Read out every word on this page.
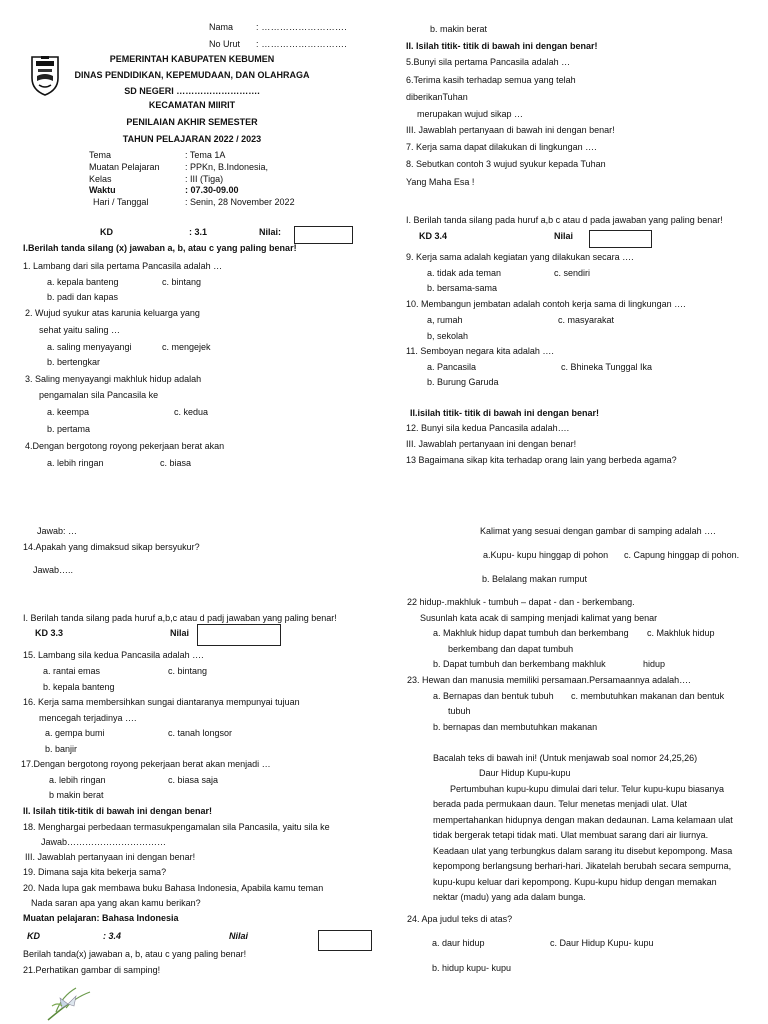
Nama	: ……………………….
No Urut : ……………………….
PEMERINTAH KABUPATEN KEBUMEN
DINAS PENDIDIKAN, KEPEMUDAAN, DAN OLAHRAGA
SD NEGERI ……………………….
KECAMATAN MIIRIT
PENILAIAN AKHIR SEMESTER
TAHUN PELAJARAN 2022 / 2023
Tema	: Tema 1A
Muatan Pelajaran	: PPKn, B.Indonesia,
Kelas	: III (Tiga)
Waktu	: 07.30-09.00
Hari / Tanggal	: Senin, 28 November 2022
KD	: 3.1	Nilai:
I.Berilah tanda silang (x) jawaban a, b, atau c yang paling benar!
1. Lambang dari sila pertama Pancasila adalah …
a. kepala banteng	c. bintang
b. padi dan kapas
2. Wujud syukur atas karunia keluarga yang
sehat yaitu saling …
a. saling menyayangi	c. mengejek
b. bertengkar
3. Saling menyayangi makhluk hidup adalah
pengamalan sila Pancasila ke
a. keempa	c. kedua
b. pertama
4.Dengan bergotong royong pekerjaan berat akan
a. lebih ringan	c. biasa
b. makin berat
II. Isilah titik- titik di bawah ini dengan benar!
5.Bunyi sila pertama Pancasila adalah …
6.Terima kasih terhadap semua yang telah
diberikanTuhan
merupakan wujud sikap …
III. Jawablah pertanyaan di bawah ini dengan benar!
7. Kerja sama dapat dilakukan di lingkungan ….
8. Sebutkan contoh 3 wujud syukur kepada Tuhan
Yang Maha Esa !
I. Berilah tanda silang pada huruf a,b c atau d pada jawaban yang paling benar!
KD 3.4	Nilai
9. Kerja sama adalah kegiatan yang dilakukan secara ….
a. tidak ada teman	c. sendiri
b. bersama-sama
10. Membangun jembatan adalah contoh kerja sama di lingkungan ….
a, rumah	c. masyarakat
b, sekolah
11. Semboyan negara kita adalah ….
a. Pancasila	c. Bhineka Tunggal Ika
b. Burung Garuda
II.isilah titik- titik di bawah ini dengan benar!
12. Bunyi sila kedua Pancasila adalah….
III. Jawablah pertanyaan ini dengan benar!
13 Bagaimana sikap kita terhadap orang lain yang berbeda agama?
Jawab: …
14.Apakah yang dimaksud sikap bersyukur?
Jawab…..
I. Berilah tanda silang pada huruf a,b,c atau d padj jawaban yang paling benar!
KD 3.3	Nilai
15. Lambang sila kedua Pancasila adalah ….
a. rantai emas	c. bintang
b. kepala banteng
16. Kerja sama membersihkan sungai diantaranya mempunyai tujuan
mencegah terjadinya ….
a. gempa bumi	c. tanah longsor
b. banjir
17.Dengan bergotong royong pekerjaan berat akan menjadi …
a. lebih ringan	c. biasa saja
b makin berat
II. Isilah titik-titik di bawah ini dengan benar!
18. Menghargai perbedaan termasukpengamalan sila Pancasila, yaitu sila ke
Jawab……………………………
III. Jawablah pertanyaan ini dengan benar!
19. Dimana saja kita bekerja sama?
20. Nada lupa gak membawa buku Bahasa Indonesia, Apabila kamu teman
Nada saran apa yang akan kamu berikan?
Muatan pelajaran: Bahasa Indonesia
KD	: 3.4	Nilai
Berilah tanda(x) jawaban a, b, atau c yang paling benar!
21.Perhatikan gambar di samping!
Kalimat yang sesuai dengan gambar di samping adalah ….
a.Kupu- kupu hinggap di pohon c. Capung hinggap di pohon.
b. Belalang makan rumput
22 hidup-.makhluk - tumbuh – dapat - dan - berkembang.
Susunlah kata acak di samping menjadi kalimat yang benar
a. Makhluk hidup dapat tumbuh dan berkembang c. Makhluk hidup
berkembang dan dapat tumbuh
b. Dapat tumbuh dan berkembang makhluk	hidup
23. Hewan dan manusia memiliki persamaan.Persamaannya adalah….
a. Bernapas dan bentuk tubuh c. membutuhkan makanan dan bentuk
tubuh
b. bernapas dan membutuhkan makanan
Bacalah teks di bawah ini! (Untuk menjawab soal nomor 24,25,26)
Daur Hidup Kupu-kupu
Pertumbuhan kupu-kupu dimulai dari telur. Telur kupu-kupu biasanya
berada pada permukaan daun. Telur menetas menjadi ulat. Ulat
mempertahankan hidupnya dengan makan dedaunan. Lama kelamaan ulat
tidak bergerak tetapi tidak mati. Ulat membuat sarang dari air liurnya.
Keadaan ulat yang terbungkus dalam sarang itu disebut kepompong. Masa
kepompong berlangsung berhari-hari. Jikatelah berubah secara sempurna,
kupu-kupu keluar dari kepompong. Kupu-kupu hidup dengan memakan
nektar (madu) yang ada dalam bunga.
24. Apa judul teks di atas?
a. daur hidup	c. Daur Hidup Kupu- kupu
b. hidup kupu- kupu
